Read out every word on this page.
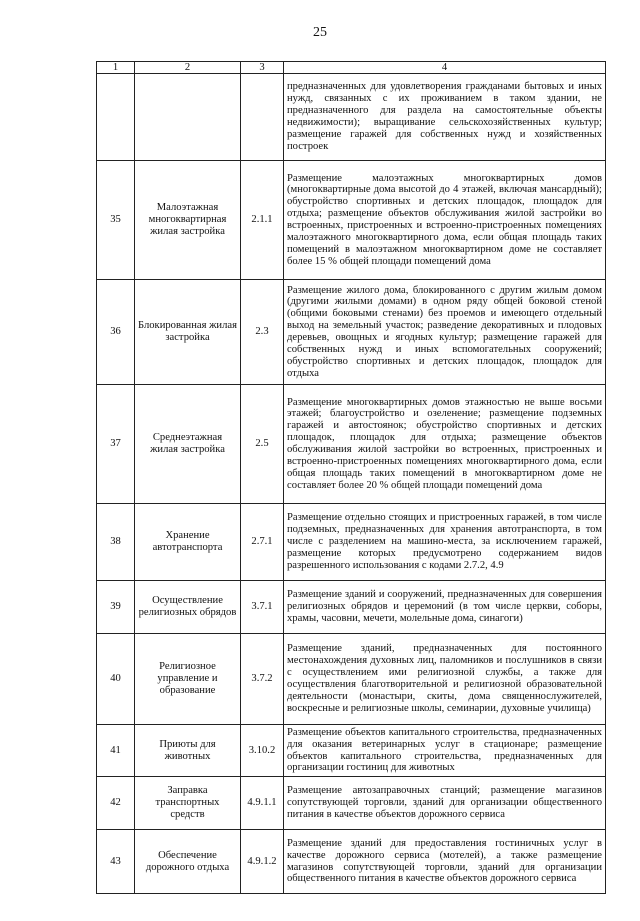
25
1	2	3	4
			предназначенных для удовлетворения гражданами бытовых и иных нужд, связанных с их проживанием в таком здании, не предназначенного для раздела на самостоятельные объекты недвижимости); выращивание сельскохозяйственных культур; размещение гаражей для собственных нужд и хозяйственных построек
35	Малоэтажная многоквартирная жилая застройка	2.1.1	Размещение малоэтажных многоквартирных домов (многоквартирные дома высотой до 4 этажей, включая мансардный); обустройство спортивных и детских площадок, площадок для отдыха; размещение объектов обслуживания жилой застройки во встроенных, пристроенных и встроенно-пристроенных помещениях малоэтажного многоквартирного дома, если общая площадь таких помещений в малоэтажном многоквартирном доме не составляет более 15 % общей площади помещений дома
36	Блокированная жилая застройка	2.3	Размещение жилого дома, блокированного с другим жилым домом (другими жилыми домами) в одном ряду общей боковой стеной (общими боковыми стенами) без проемов и имеющего отдельный выход на земельный участок; разведение декоративных и плодовых деревьев, овощных и ягодных культур; размещение гаражей для собственных нужд и иных вспомогательных сооружений; обустройство спортивных и детских площадок, площадок для отдыха
37	Среднеэтажная жилая застройка	2.5	Размещение многоквартирных домов этажностью не выше восьми этажей; благоустройство и озеленение; размещение подземных гаражей и автостоянок; обустройство спортивных и детских площадок, площадок для отдыха; размещение объектов обслуживания жилой застройки во встроенных, пристроенных и встроенно-пристроенных помещениях многоквартирного дома, если общая площадь таких помещений в многоквартирном доме не составляет более 20 % общей площади помещений дома
38	Хранение автотранспорта	2.7.1	Размещение отдельно стоящих и пристроенных гаражей, в том числе подземных, предназначенных для хранения автотранспорта, в том числе с разделением на машино-места, за исключением гаражей, размещение которых предусмотрено содержанием видов разрешенного использования с кодами 2.7.2, 4.9
39	Осуществление религиозных обрядов	3.7.1	Размещение зданий и сооружений, предназначенных для совершения религиозных обрядов и церемоний (в том числе церкви, соборы, храмы, часовни, мечети, молельные дома, синагоги)
40	Религиозное управление и образование	3.7.2	Размещение зданий, предназначенных для постоянного местонахождения духовных лиц, паломников и послушников в связи с осуществлением ими религиозной службы, а также для осуществления благотворительной и религиозной образовательной деятельности (монастыри, скиты, дома священнослужителей, воскресные и религиозные школы, семинарии, духовные училища)
41	Приюты для животных	3.10.2	Размещение объектов капитального строительства, предназначенных для оказания ветеринарных услуг в стационаре; размещение объектов капитального строительства, предназначенных для организации гостиниц для животных
42	Заправка транспортных средств	4.9.1.1	Размещение автозаправочных станций; размещение магазинов сопутствующей торговли, зданий для организации общественного питания в качестве объектов дорожного сервиса
43	Обеспечение дорожного отдыха	4.9.1.2	Размещение зданий для предоставления гостиничных услуг в качестве дорожного сервиса (мотелей), а также размещение магазинов сопутствующей торговли, зданий для организации общественного питания в качестве объектов дорожного сервиса
